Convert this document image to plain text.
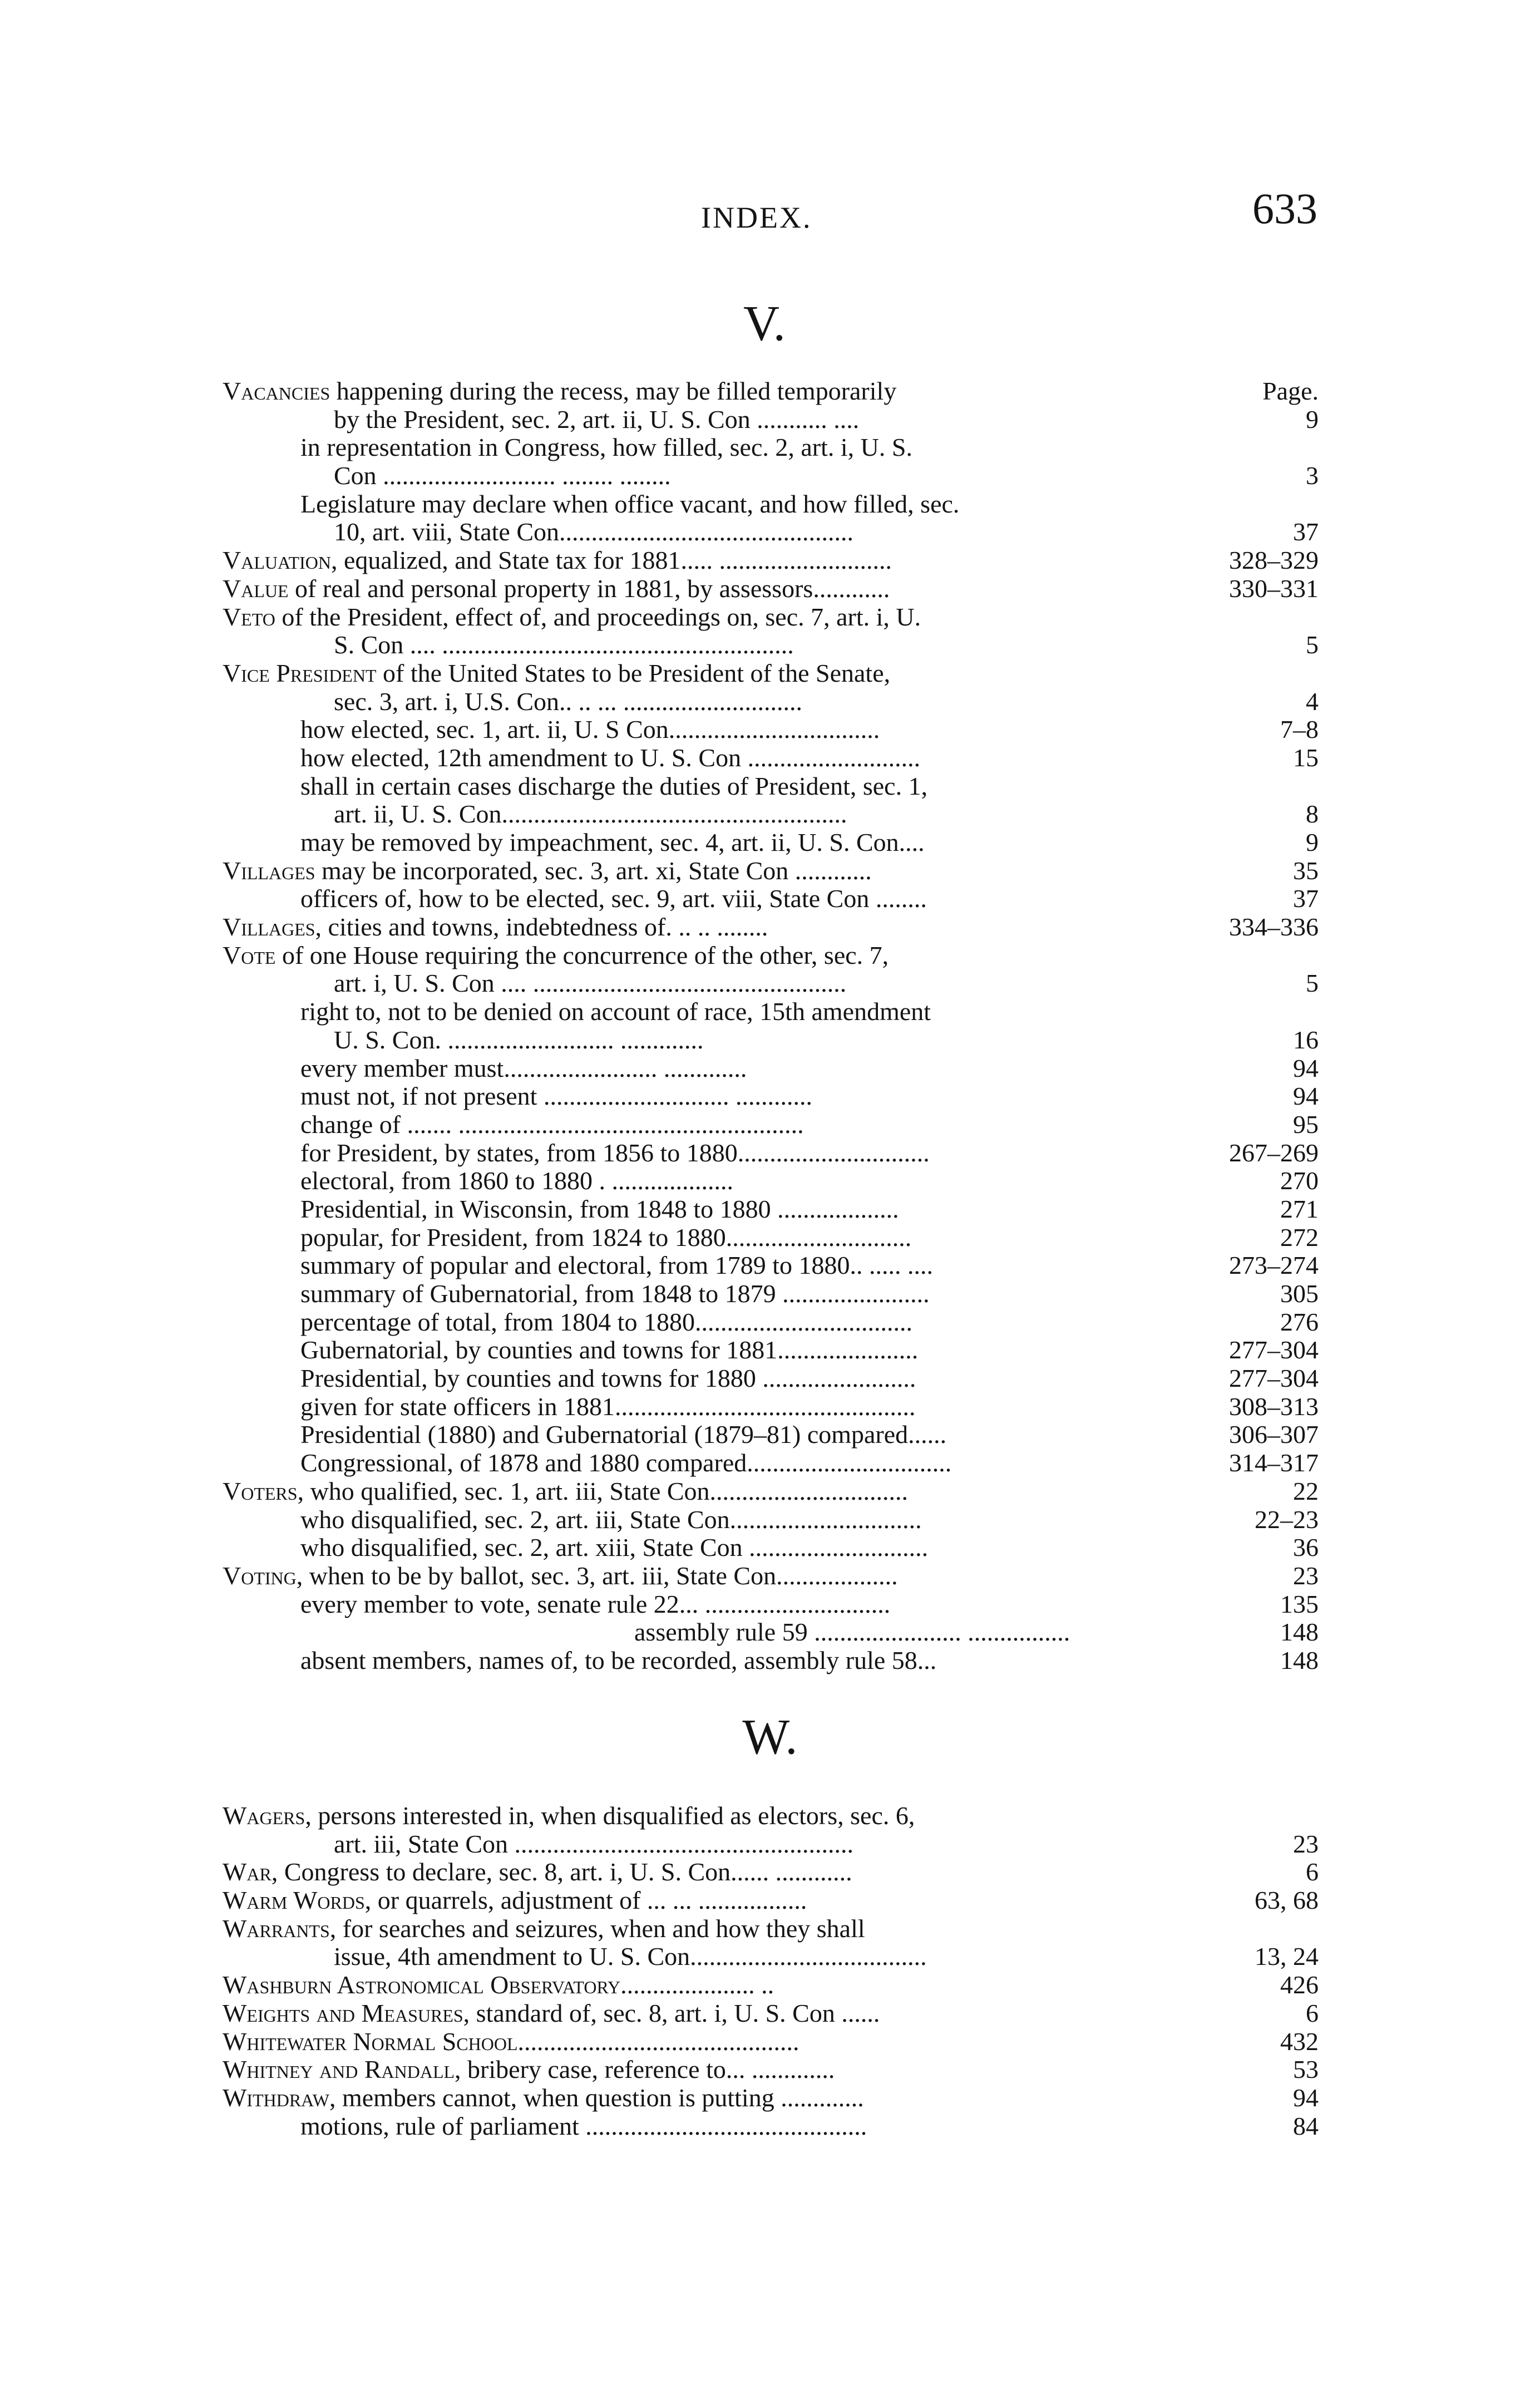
INDEX.	633
V.
Vacancies happening during the recess, may be filled temporarily	Page.
by the President, sec. 2, art. ii, U. S. Con ........... ....	9
in representation in Congress, how filled, sec. 2, art. i, U. S.
Con ........................... ........ ........	3
Legislature may declare when office vacant, and how filled, sec.
10, art. viii, State Con..............................................	37
Valuation, equalized, and State tax for 1881..... ...........................	328–329
Value of real and personal property in 1881, by assessors............	330–331
Veto of the President, effect of, and proceedings on, sec. 7, art. i, U.
S. Con .... .......................................................	5
Vice President of the United States to be President of the Senate,
sec. 3, art. i, U.S. Con.. .. ... ............................	4
how elected, sec. 1, art. ii, U. S Con.................................	7–8
how elected, 12th amendment to U. S. Con ...........................	15
shall in certain cases discharge the duties of President, sec. 1,
art. ii, U. S. Con......................................................	8
may be removed by impeachment, sec. 4, art. ii, U. S. Con....	9
Villages may be incorporated, sec. 3, art. xi, State Con ............	35
officers of, how to be elected, sec. 9, art. viii, State Con ........	37
Villages, cities and towns, indebtedness of. .. .. ........	334–336
Vote of one House requiring the concurrence of the other, sec. 7,
art. i, U. S. Con .... .................................................	5
right to, not to be denied on account of race, 15th amendment
U. S. Con. .......................... .............	16
every member must........................ .............	94
must not, if not present ............................. ............	94
change of ....... ......................................................	95
for President, by states, from 1856 to 1880..............................	267–269
electoral, from 1860 to 1880 . ...................	270
Presidential, in Wisconsin, from 1848 to 1880 ...................	271
popular, for President, from 1824 to 1880.............................	272
summary of popular and electoral, from 1789 to 1880.. ..... ....	273–274
summary of Gubernatorial, from 1848 to 1879 .......................	305
percentage of total, from 1804 to 1880..................................	276
Gubernatorial, by counties and towns for 1881......................	277–304
Presidential, by counties and towns for 1880 ........................	277–304
given for state officers in 1881...............................................	308–313
Presidential (1880) and Gubernatorial (1879–81) compared......	306–307
Congressional, of 1878 and 1880 compared................................	314–317
Voters, who qualified, sec. 1, art. iii, State Con...............................	22
who disqualified, sec. 2, art. iii, State Con..............................	22–23
who disqualified, sec. 2, art. xiii, State Con ............................	36
Voting, when to be by ballot, sec. 3, art. iii, State Con...................	23
every member to vote, senate rule 22... .............................	135
assembly rule 59 ....................... ................	148
absent members, names of, to be recorded, assembly rule 58...	148
W.
Wagers, persons interested in, when disqualified as electors, sec. 6,
art. iii, State Con .....................................................	23
War, Congress to declare, sec. 8, art. i, U. S. Con...... ............	6
Warm Words, or quarrels, adjustment of ... ... .................	63, 68
Warrants, for searches and seizures, when and how they shall
issue, 4th amendment to U. S. Con.....................................	13, 24
Washburn Astronomical Observatory..................... ..	426
Weights and Measures, standard of, sec. 8, art. i, U. S. Con ......	6
Whitewater Normal School............................................	432
Whitney and Randall, bribery case, reference to... .............	53
Withdraw, members cannot, when question is putting .............	94
motions, rule of parliament ............................................	84
